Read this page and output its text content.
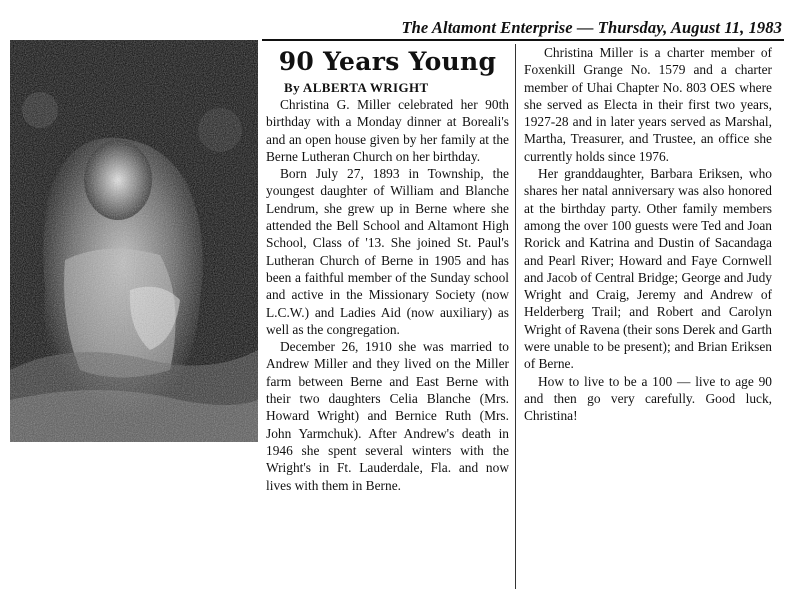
The Altamont Enterprise — Thursday, August 11, 1983
90 Years Young
By ALBERTA WRIGHT

Christina G. Miller celebrated her 90th birthday with a Monday dinner at Boreali's and an open house given by her family at the Berne Lutheran Church on her birthday.

Born July 27, 1893 in Township, the youngest daughter of William and Blanche Lendrum, she grew up in Berne where she attended the Bell School and Altamont High School, Class of '13. She joined St. Paul's Lutheran Church of Berne in 1905 and has been a faithful member of the Sunday school and active in the Missionary Society (now L.C.W.) and Ladies Aid (now auxiliary) as well as the congregation.

December 26, 1910 she was married to Andrew Miller and they lived on the Miller farm between Berne and East Berne with their two daughters Celia Blanche (Mrs. Howard Wright) and Bernice Ruth (Mrs. John Yarmchuk). After Andrew's death in 1946 she spent several winters with the Wright's in Ft. Lauderdale, Fla. and now lives with them in Berne.

Christina Miller is a charter member of Foxenkill Grange No. 1579 and a charter member of Uhai Chapter No. 803 OES where she served as Electa in their first two years, 1927-28 and in later years served as Marshal, Martha, Treasurer, and Trustee, an office she currently holds since 1976.

Her granddaughter, Barbara Eriksen, who shares her natal anniversary was also honored at the birthday party. Other family members among the over 100 guests were Ted and Joan Rorick and Katrina and Dustin of Sacandaga and Pearl River; Howard and Faye Cornwell and Jacob of Central Bridge; George and Judy Wright and Craig, Jeremy and Andrew of Helderberg Trail; and Robert and Carolyn Wright of Ravena (their sons Derek and Garth were unable to be present); and Brian Eriksen of Berne.

How to live to be a 100 — live to age 90 and then go very carefully. Good luck, Christina!
